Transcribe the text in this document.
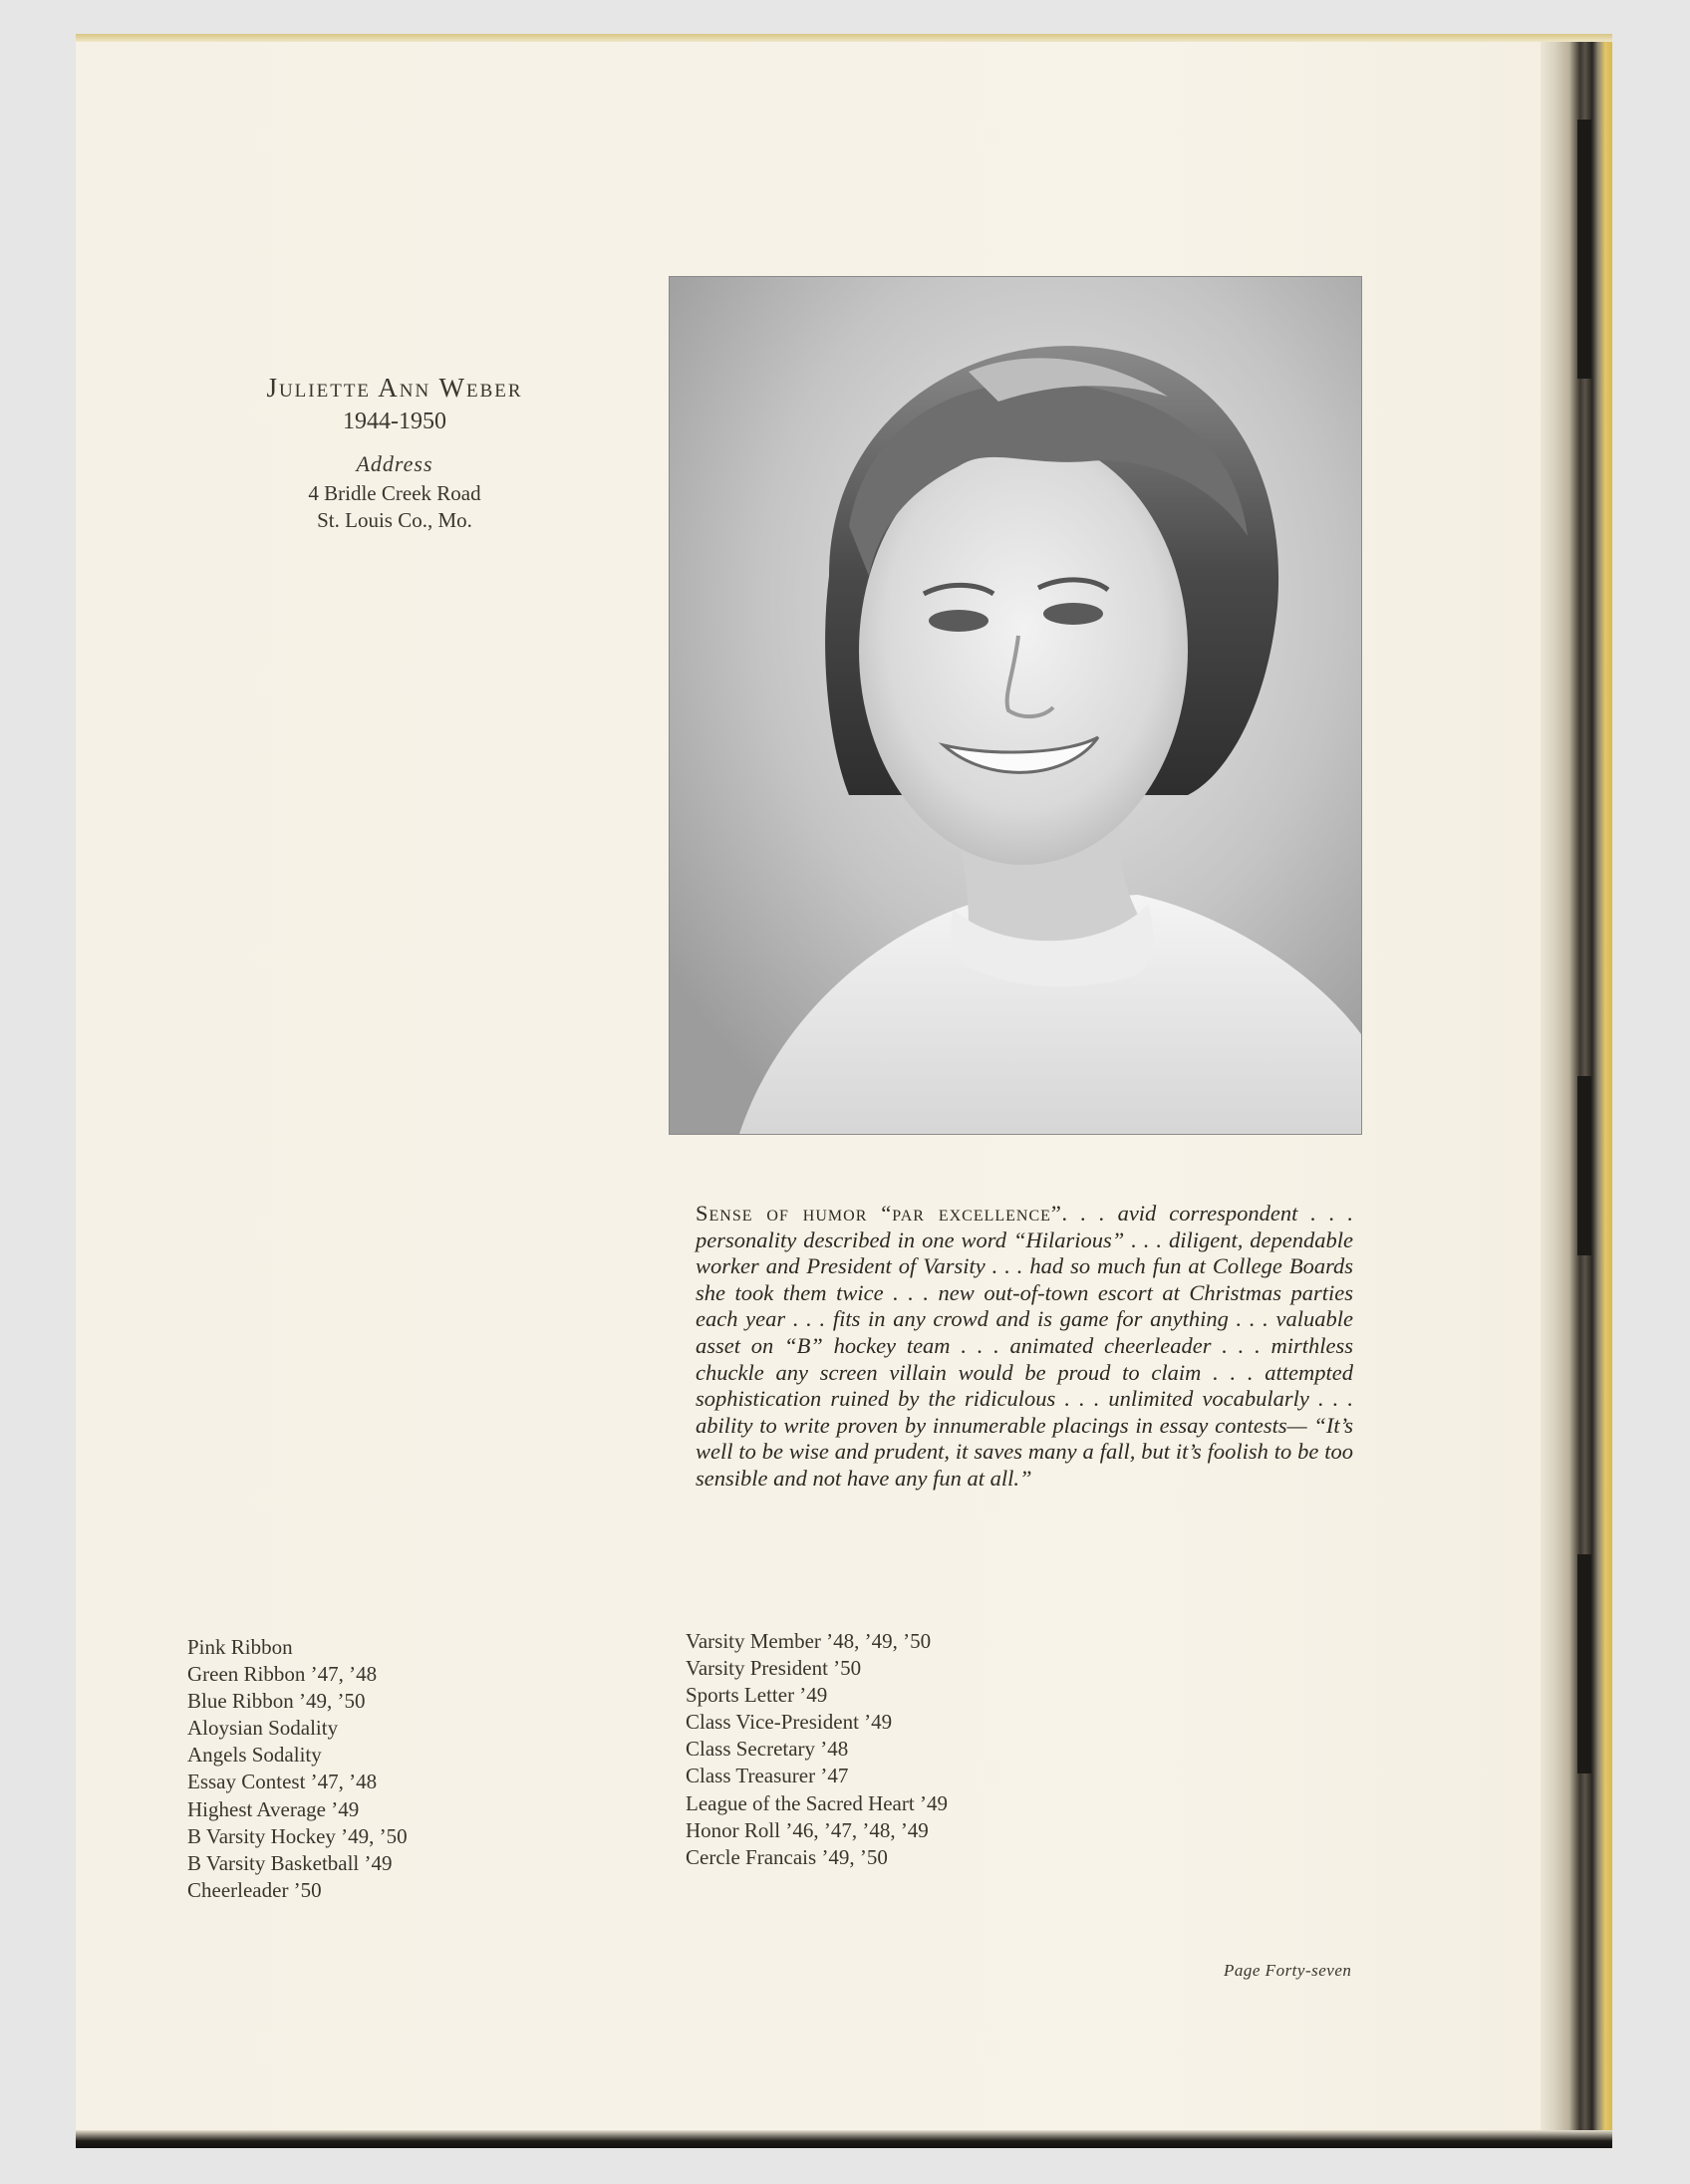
Juliette Ann Weber
1944-1950
Address
4 Bridle Creek Road
St. Louis Co., Mo.
Sense of humor “par excellence”. . . avid correspondent . . . personality described in one word “Hilarious” . . . diligent, dependable worker and President of Varsity . . . had so much fun at College Boards she took them twice . . . new out-of-town escort at Christmas parties each year . . . fits in any crowd and is game for anything . . . valuable asset on “B” hockey team . . . animated cheerleader . . . mirthless chuckle any screen villain would be proud to claim . . . attempted sophistication ruined by the ridiculous . . . unlimited vocabularly . . . ability to write proven by innumerable placings in essay contests— “It’s well to be wise and prudent, it saves many a fall, but it’s foolish to be too sensible and not have any fun at all.”
Pink Ribbon
Green Ribbon ’47, ’48
Blue Ribbon ’49, ’50
Aloysian Sodality
Angels Sodality
Essay Contest ’47, ’48
Highest Average ’49
B Varsity Hockey ’49, ’50
B Varsity Basketball ’49
Cheerleader ’50
Varsity Member ’48, ’49, ’50
Varsity President ’50
Sports Letter ’49
Class Vice-President ’49
Class Secretary ’48
Class Treasurer ’47
League of the Sacred Heart ’49
Honor Roll ’46, ’47, ’48, ’49
Cercle Francais ’49, ’50
Page Forty-seven
